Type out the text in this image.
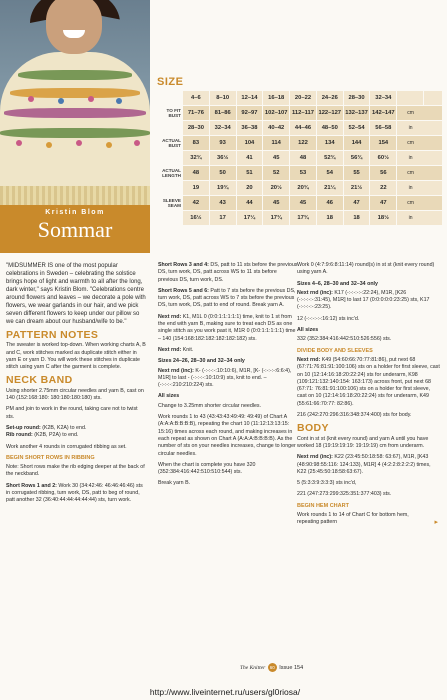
Kristin Blom
Sommar
SIZE
4–6	8–10	12–14	16–18	20–22	24–26	28–30	32–34
TO FIT BUST	71–76	81–86	92–97	102–107 112–117 122–127 132–137 142–147	cm
28–30	32–34	36–38	40–42	44–46	48–50	52–54	56–58	in
ACTUAL BUST	83	93	104	114	122	134	144	154	cm
32¾	36½	41	45	48	52¾	56¾	60½	in
ACTUAL LENGTH	48	50	51	52	53	54	55	56	cm
19	19¾	20	20½	20¾	21¼	21½	22	in
SLEEVE SEAM	42	43	44	45	45	46	47	47	cm
16½	17	17¼	17¾	17¾	18	18	18½	in

"MIDSUMMER IS one of the most popular celebrations in Sweden – celebrating the solstice brings hope of light and warmth to all after the long, dark winter," says Kristin Blom. "Celebrations centre around flowers and leaves – we decorate a pole with flowers, we wear garlands in our hair, and we pick seven different flowers to keep under our pillow so we can dream about our husband/wife to be."

PATTERN NOTES

The sweater is worked top-down. When working charts A, B and C, work stitches marked as duplicate stitch either in yarn E or yarn D. You will work these stitches in duplicate stitch using yarn C after the garment is complete.

NECK BAND

Using shorter 2.75mm circular needles and yarn B, cast on 140 (152:168:180: 180:180:180:180) sts.

PM and join to work in the round, taking care not to twist sts.

Set-up round: (K2B, K2A) to end.
Rib round: (K2B, P2A) to end.

Work another 4 rounds in corrugated ribbing as set.

BEGIN SHORT ROWS IN RIBBING

Note: Short rows make the rib edging deeper at the back of the neckband.

Short Rows 1 and 2: Work 30 (34:42:46: 46:46:46:46) sts in corrugated ribbing, turn work, DS, patt to beg of round, patt another 32 (36:40:44:44:44:44:44) sts, turn work.

Short Rows 3 and 4: DS, patt to 11 sts before the previous DS, turn work, DS, patt across WS to 11 sts before previous DS, turn work, DS.

Short Rows 5 and 6: Patt to 7 sts before the previous DS, turn work, DS, patt across WS to 7 sts before the previous DS, turn work, DS, patt to end of round. Break yarn A.

Next rnd: K1, M1L 0 (0:0:1:1:1:1:1) time, knit to 1 st from the end with yarn B, making sure to treat each DS as one single stitch as you work past it, M1R 0 (0:0:1:1:1:1:1) time – 140 (154:168:182:182:182:182:182) sts.

Next rnd: Knit.

Sizes 24–26, 28–30 and 32–34 only

Next rnd (inc): K- (-:-:-:-:10:10:6), M1R, [K- (-:-:-:-:6:6:4), M1R] to last - (-:-:-:-:10:10:9) sts, knit to end. – (-:-:-:-:210:210:224) sts.

All sizes

Change to 3.25mm shorter circular needles.

Work rounds 1 to 43 (43:43:43:49:49: 49:49) of Chart A (A:A:A:B:B:B:B), repeating the chart 10 (11:12:13:13:15: 15:16) times across each round, and making increases in each repeat as shown on Chart A (A:A:A:B:B:B:B). As the number of sts on your needles increases, change to longer circular needles.

When the chart is complete you have 320 (352:384:416:442:510:510:544) sts.

Break yarn B.

Work 0 (4:7:9:6:8:11:14) round(s) in st st (knit every round) using yarn A.

Sizes 4–6, 28–30 and 32–34 only

Next rnd (inc): K17 (-:-:-:-:-:22:24), M1R, [K26 (-:-:-:-:-:31:45), M1R] to last 17 (0:0:0:0:0:23:25) sts, K17 (-:-:-:-:-:23:25).

12 (-:-:-:-:-:16:12) sts inc'd.

All sizes

332 (352:384:416:442:510:526:556) sts.

DIVIDE BODY AND SLEEVES

Next rnd: K49 (54:60:66:70:77:81:86), put next 68 (67:71:76:81:91:100:106) sts on a holder for first sleeve, cast on 10 (12:14:16:18:20:22:24) sts for underarm, K98 (109:121:132:140:154: 163:173) across front, put next 68 (67:71: 76:81:91:100:106) sts on a holder for first sleeve, cast on 10 (12:14:16:18:20:22:24) sts for underarm, K49 (55:61:66:70:77: 82:86).

216 (242:270:296:316:348:374:400) sts for body.

BODY

Cont in st st (knit every round) and yarn A until you have worked 18 (19:19:19:19: 19:19:19) cm from underarm.

Next rnd (inc): K22 (23:45:50:18:58: 63:67), M1R, [K43 (48:90:98:55:116: 124:133), M1R] 4 (4:2:2:8:2:2:2) times, K22 (25:45:50:18:58:63:67).

5 (5:3:3:9:3:3:3) sts inc'd,

221 (247:273:299:325:351:377:403) sts.

BEGIN HEM CHART

Work rounds 1 to 14 of Chart C for bottom hem, repeating pattern	▸

The Knitter 60 Issue 154
http://www.liveinternet.ru/users/gl0riosa/
